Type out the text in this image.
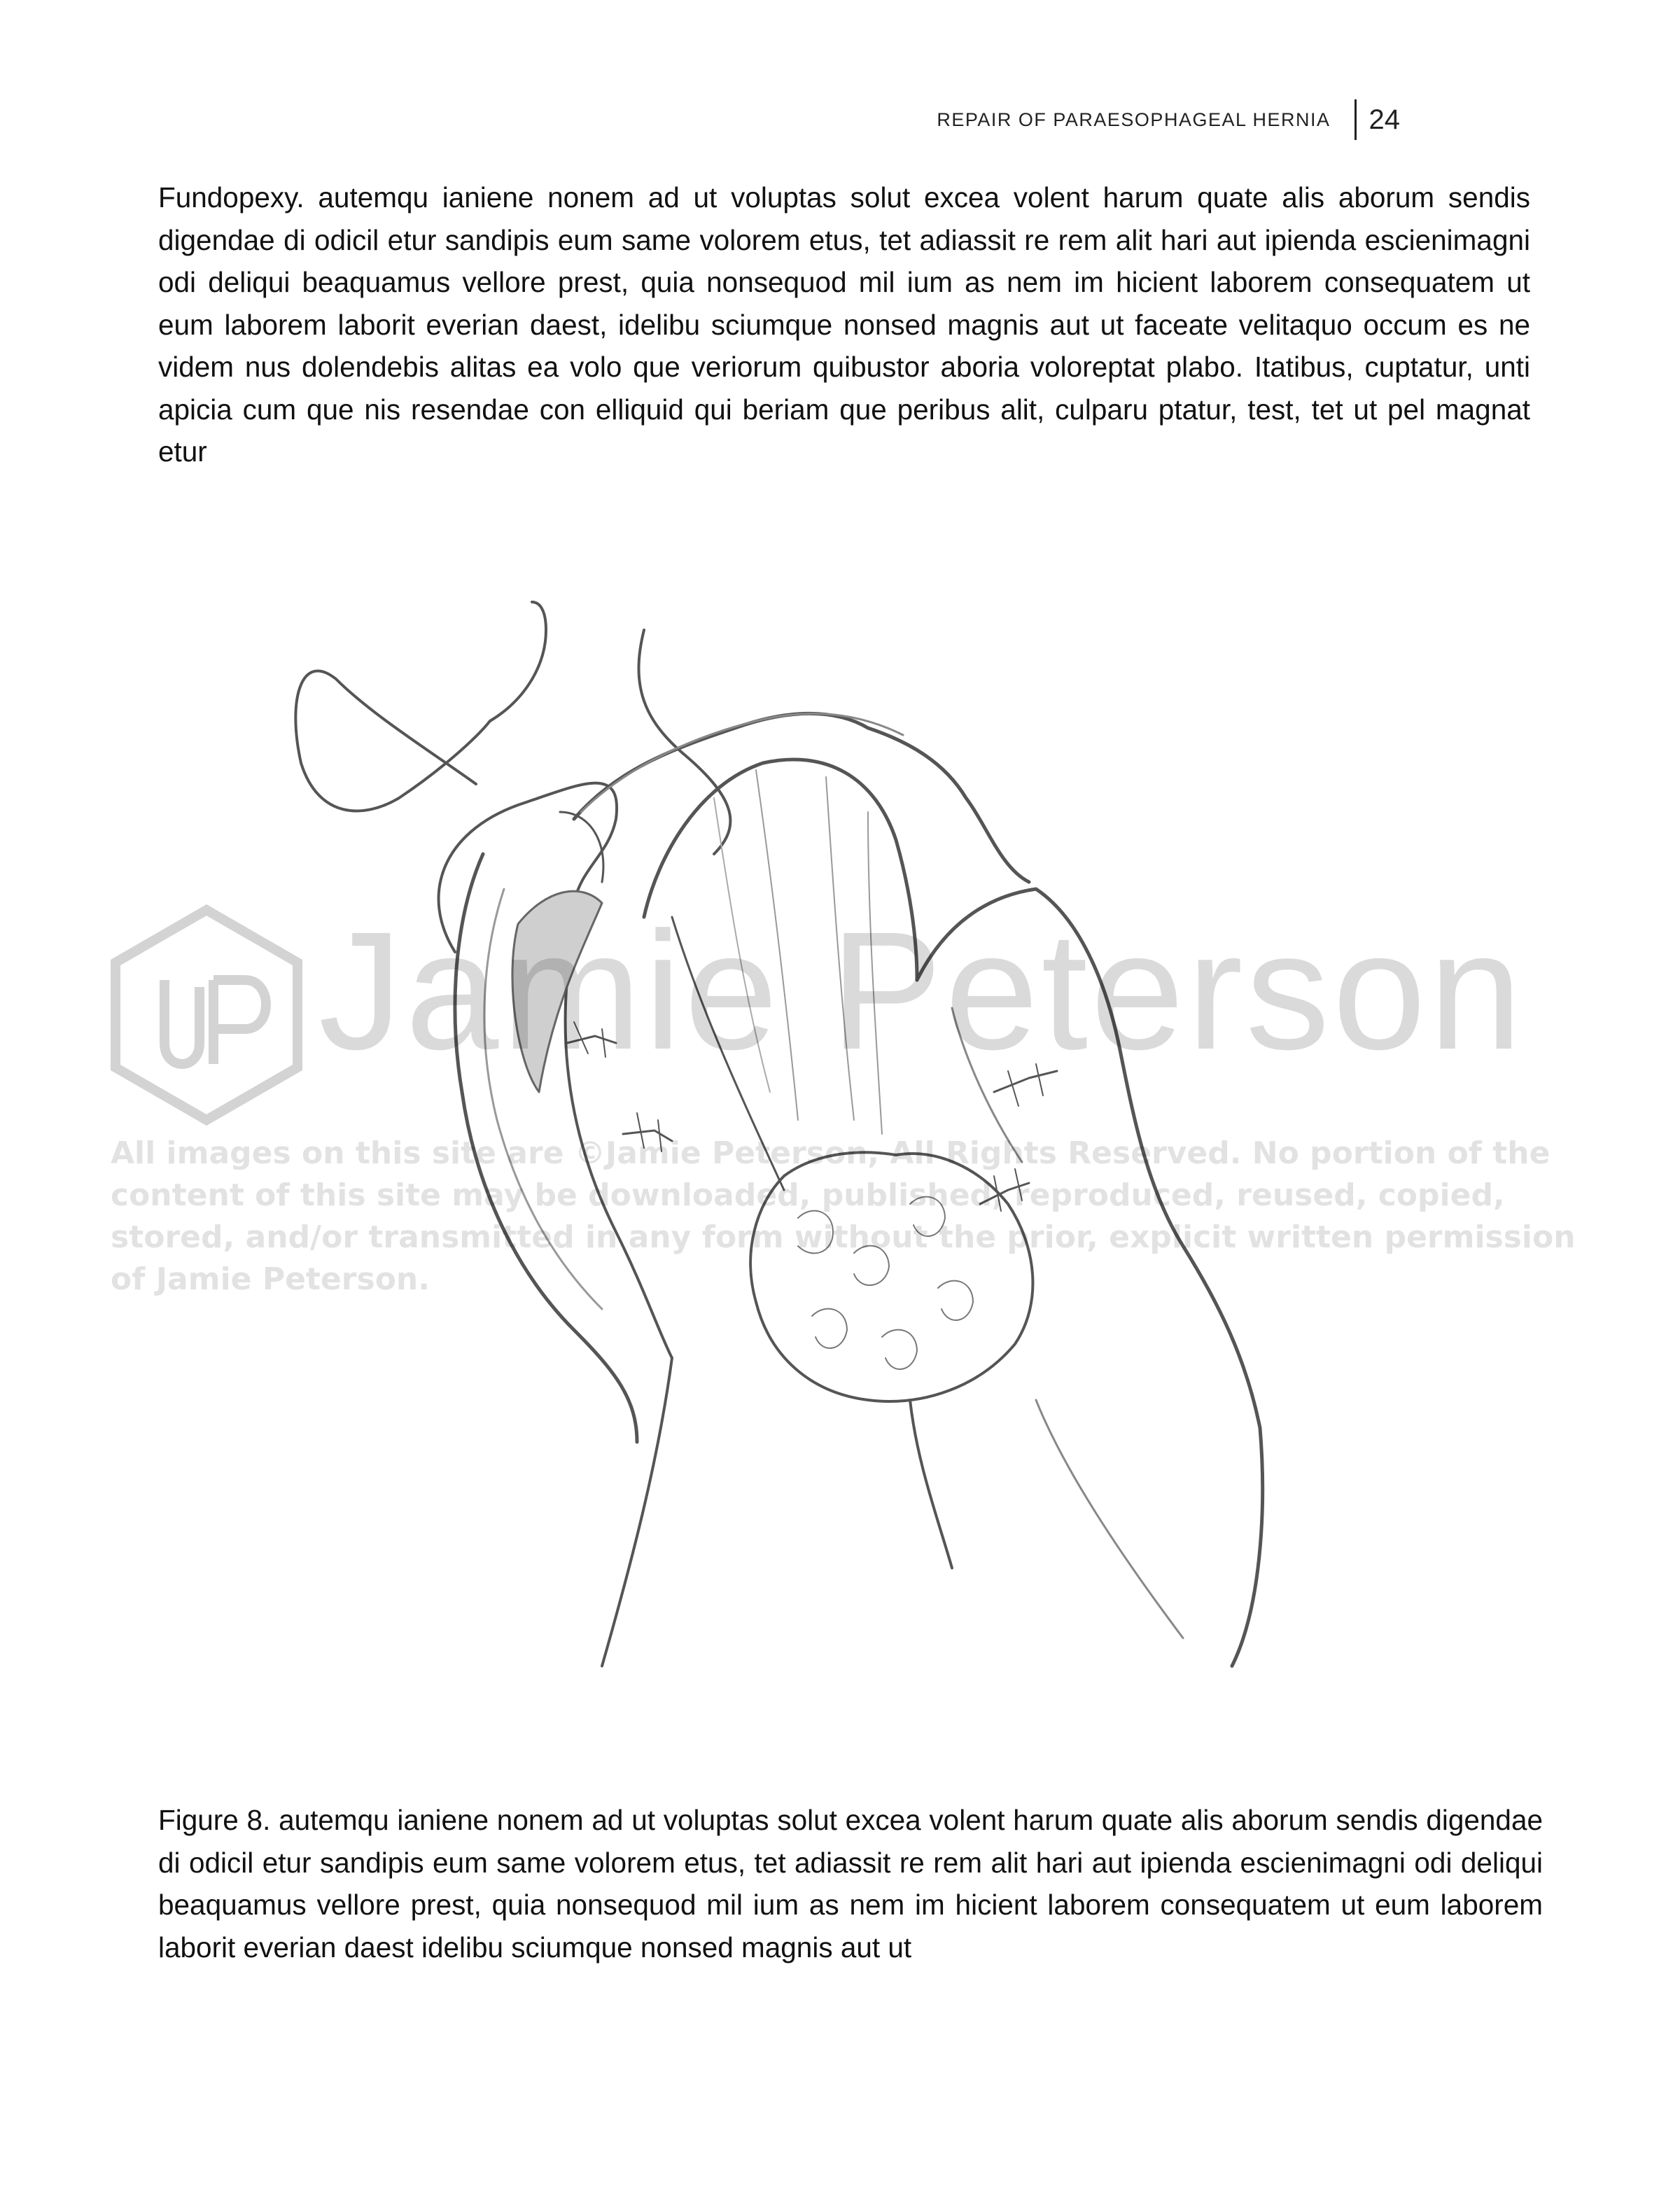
REPAIR OF PARAESOPHAGEAL HERNIA 24

Fundopexy. autemqu ianiene nonem ad ut voluptas solut excea volent harum quate alis aborum sendis digendae di odicil etur sandipis eum same volorem etus, tet adiassit re rem alit hari aut ipienda escienimagni odi deliqui beaquamus vellore prest, quia nonsequod mil ium as nem im hicient laborem consequatem ut eum laborem laborit everian daest, idelibu sciumque nonsed magnis aut ut faceate velitaquo occum es ne videm nus dolendebis alitas ea volo que veriorum quibustor aboria voloreptat plabo. Itatibus, cuptatur, unti apicia cum que nis resendae con elliquid qui beriam que peribus alit, culparu ptatur, test, tet ut pel magnat etur

Jamie Peterson

All images on this site are ©Jamie Peterson, All Rights Reserved. No portion of the content of this site may be downloaded, published, reproduced, reused, copied, stored, and/or transmitted in any form without the prior, explicit written permission of Jamie Peterson.

Figure 8. autemqu ianiene nonem ad ut voluptas solut excea volent harum quate alis aborum sendis digendae di odicil etur sandipis eum same volorem etus, tet adiassit re rem alit hari aut ipienda escienimagni odi deliqui beaquamus vellore prest, quia nonsequod mil ium as nem im hicient laborem consequatem ut eum laborem laborit everian daest idelibu sciumque nonsed magnis aut ut
